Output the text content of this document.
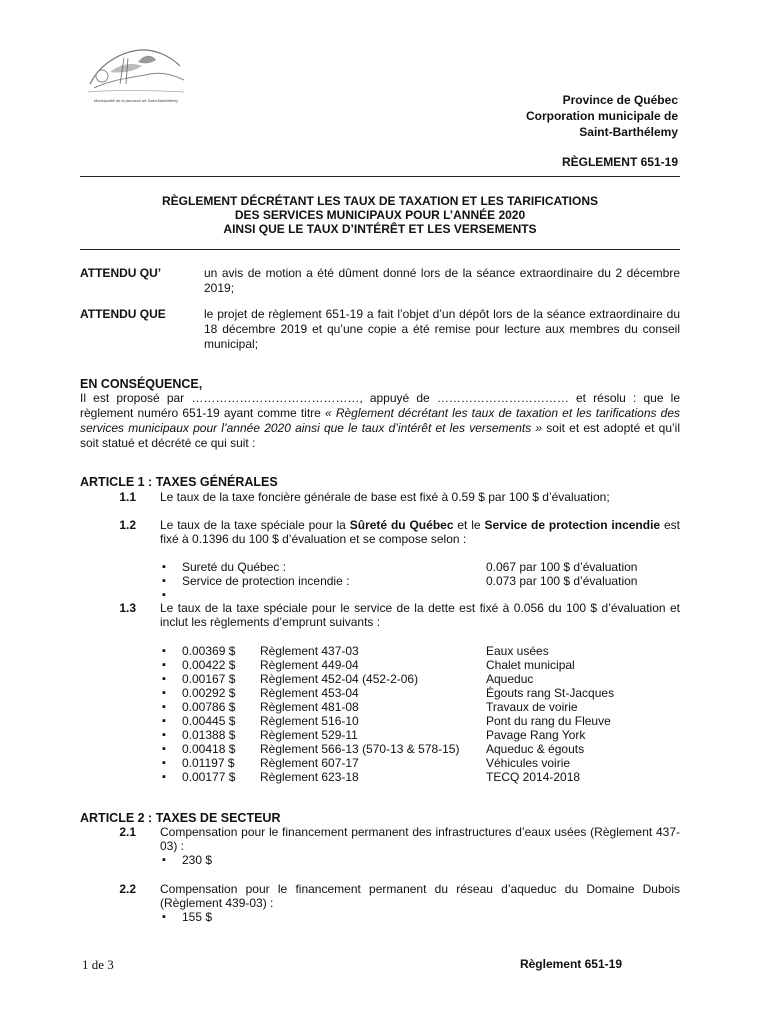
Municipalité de la paroisse de Saint-Barthélemy	Province de Québec
Corporation municipale de
Saint-Barthélemy
RÈGLEMENT 651-19
RÈGLEMENT DÉCRÉTANT LES TAUX DE TAXATION ET LES TARIFICATIONS
DES SERVICES MUNICIPAUX POUR L’ANNÉE 2020
AINSI QUE LE TAUX D’INTÉRÊT ET LES VERSEMENTS
ATTENDU QU’	un avis de motion a été dûment donné lors de la séance extraordinaire du 2 décembre 2019;
ATTENDU QUE	le projet de règlement 651-19 a fait l’objet d’un dépôt lors de la séance extraordinaire du 18 décembre 2019 et qu’une copie a été remise pour lecture aux membres du conseil municipal;
EN CONSÉQUENCE,
Il est proposé par ……………………………………, appuyé de …………………………… et résolu : que le règlement numéro 651-19 ayant comme titre « Règlement décrétant les taux de taxation et les tarifications des services municipaux pour l’année 2020 ainsi que le taux d’intérêt et les versements » soit et est adopté et qu’il soit statué et décrété ce qui suit :
ARTICLE 1 : TAXES GÉNÉRALES
1.1 Le taux de la taxe foncière générale de base est fixé à 0.59 $ par 100 $ d’évaluation;
1.2 Le taux de la taxe spéciale pour la Sûreté du Québec et le Service de protection incendie est fixé à 0.1396 du 100 $ d’évaluation et se compose selon :
▪ Sureté du Québec :	0.067 par 100 $ d’évaluation
▪ Service de protection incendie :	0.073 par 100 $ d’évaluation
▪
1.3 Le taux de la taxe spéciale pour le service de la dette est fixé à 0.056 du 100 $ d’évaluation et inclut les règlements d’emprunt suivants :
▪ 0.00369 $ Règlement 437-03	Eaux usées
▪ 0.00422 $ Règlement 449-04	Chalet municipal
▪ 0.00167 $ Règlement 452-04 (452-2-06)	Aqueduc
▪ 0.00292 $ Règlement 453-04	Égouts rang St-Jacques
▪ 0.00786 $ Règlement 481-08	Travaux de voirie
▪ 0.00445 $ Règlement 516-10	Pont du rang du Fleuve
▪ 0.01388 $ Règlement 529-11	Pavage Rang York
▪ 0.00418 $ Règlement 566-13 (570-13 & 578-15) Aqueduc & égouts
▪ 0.01197 $ Règlement 607-17	Véhicules voirie
▪ 0.00177 $ Règlement 623-18	TECQ 2014-2018
ARTICLE 2 : TAXES DE SECTEUR
2.1 Compensation pour le financement permanent des infrastructures d’eaux usées (Règlement 437-03) :
▪ 230 $
2.2 Compensation pour le financement permanent du réseau d’aqueduc du Domaine Dubois (Règlement 439-03) :
▪ 155 $
1 de 3	Règlement 651-19
